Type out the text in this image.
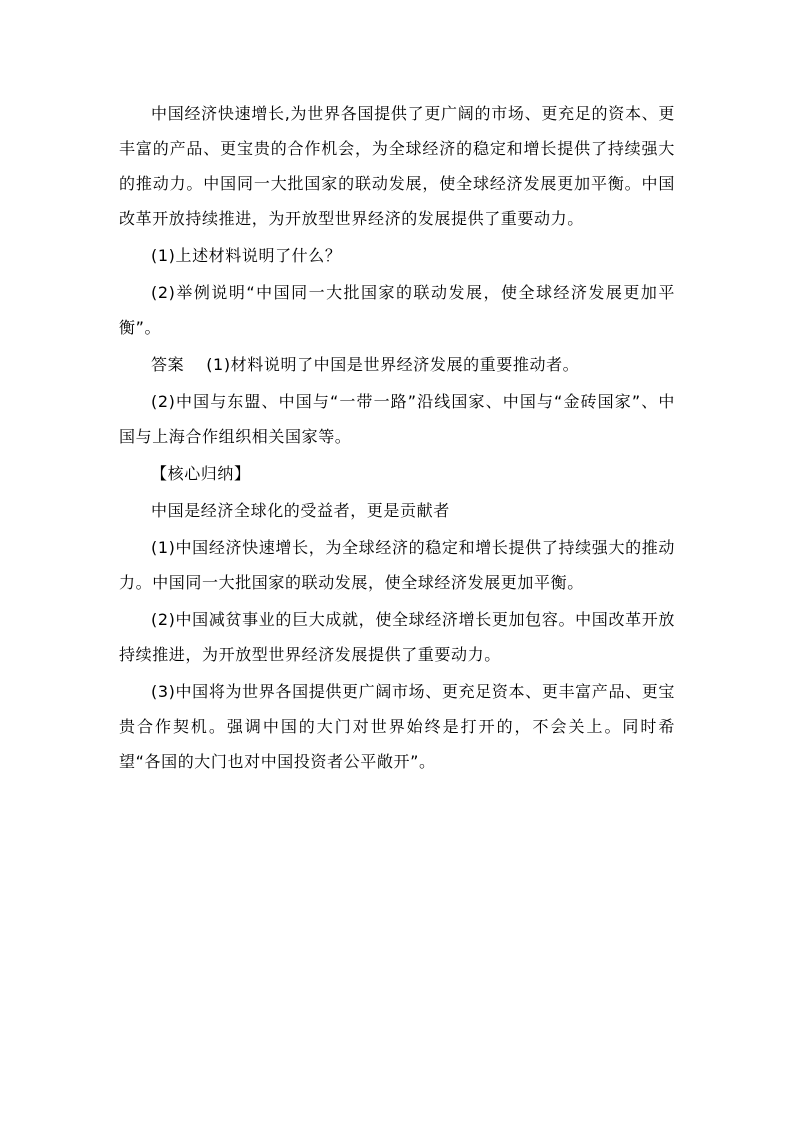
中国经济快速增长,为世界各国提供了更广阔的市场、更充足的资本、更丰富的产品、更宝贵的合作机会，为全球经济的稳定和增长提供了持续强大的推动力。中国同一大批国家的联动发展，使全球经济发展更加平衡。中国改革开放持续推进，为开放型世界经济的发展提供了重要动力。

(1)上述材料说明了什么？

(2)举例说明“中国同一大批国家的联动发展，使全球经济发展更加平衡”。

答案 (1)材料说明了中国是世界经济发展的重要推动者。

(2)中国与东盟、中国与“一带一路”沿线国家、中国与“金砖国家”、中国与上海合作组织相关国家等。

【核心归纳】

中国是经济全球化的受益者，更是贡献者

(1)中国经济快速增长，为全球经济的稳定和增长提供了持续强大的推动力。中国同一大批国家的联动发展，使全球经济发展更加平衡。

(2)中国减贫事业的巨大成就，使全球经济增长更加包容。中国改革开放持续推进，为开放型世界经济发展提供了重要动力。

(3)中国将为世界各国提供更广阔市场、更充足资本、更丰富产品、更宝贵合作契机。强调中国的大门对世界始终是打开的，不会关上。同时希望“各国的大门也对中国投资者公平敞开”。
